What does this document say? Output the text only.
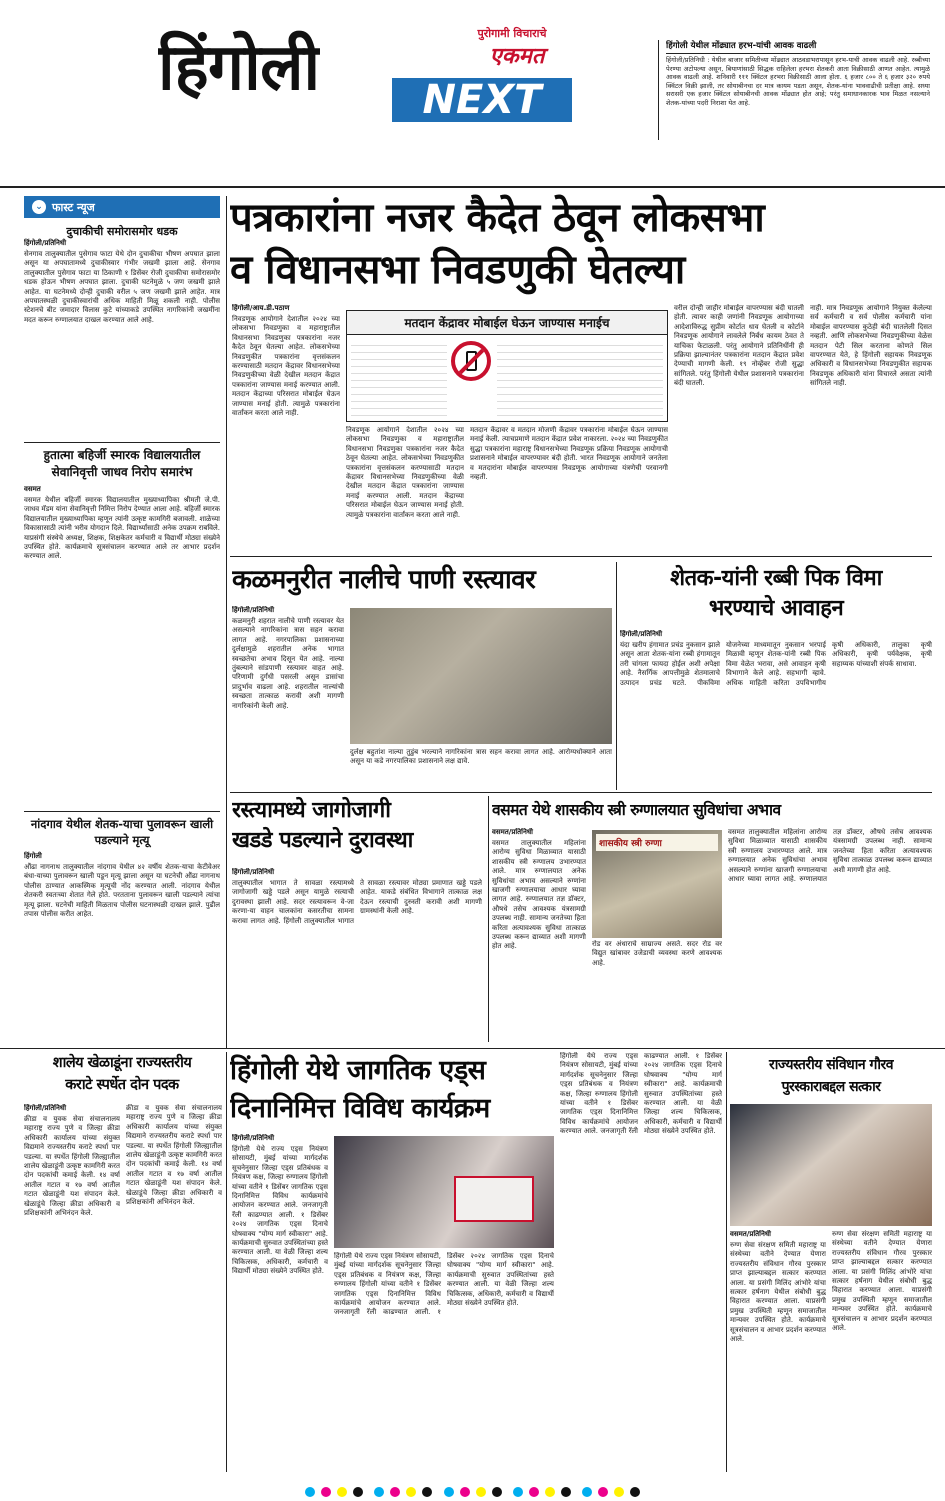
हिंगोली	पुरोगामी विचाराचे
एकमत
NEXT
हिंगोली येथील मोंढ्यात हरभ-यांची आवक वाढली
हिंगोली/प्रतिनिधी : येथील बाजार समितीच्या मोंढ्यात आठवडाभरापासून हरभ-याची आवक वाढली आहे. रब्बीच्या पेरण्या अटोपल्या असून, बियाणांसाठी सिद्धक राहिलेला हरभरा शेतकरी आता विक्रीसाठी आणत आहेत. त्यामुळे आवक वाढली आहे. शनिवारी १११ क्विंटल हरभरा विक्रीसाठी आला होता. ६ हजार ८०० ते ६ हजार ३२० रुपये क्विंटल विक्री झाली, तर सोयाबीनचा दर मात्र कायम पडता असून, शेतक-यांना भाववाढीची प्रतीक्षा आहे. सध्या सरासरी एक हजार क्विंटल सोयाबीनची आवक मोंढ्यात होत आहे; परंतु समाधानकारक भाव मिळत नसल्याने शेतक-यांच्या पदरी निराशा येत आहे.
⌄ फास्ट न्यूज
दुचाकीची समोरासमोर धडक
हिंगोली/प्रतिनिधी
सेनगाव तालुक्यातील पुसेगाव फाटा येथे दोन दुचाकीचा भीषण अपघात झाला असून या अपघातामध्ये दुचाकीस्वार गंभीर जखमी झाला आहे. सेनगाव तालुक्यातील पुसेगाव फाटा या ठिकाणी १ डिसेंबर रोजी दुचाकीचा समोरासमोर धडक होऊन भीषण अपघात झाला. दुचाकी घटनेमुळे ५ जण जखमी झाले आहेत. या घटनेमध्ये दोन्ही दुचाकी वरील ५ जण जखमी झाले आहेत. मात्र अपघातस्थळी दुचाकीस्वारांची अधिक माहिती मिळू शकली नाही. पोलीस स्टेशनचे बीट जमादार विलास कुटे यांच्याकडे उपस्थित नागरिकांनी जखमींना मदत करून रुग्णालयात दाखल करण्यात आले आहे.
हुतात्मा बहिर्जी स्मारक विद्यालयातील सेवानिवृत्ती जाधव निरोप समारंभ
वसमत
वसमत येथील बहिर्जी स्मारक विद्यालयातील मुख्याध्यापिका श्रीमती जे.पी. जाधव मॅडम यांना सेवानिवृत्ती निमित्त निरोप देण्यात आला आहे. बहिर्जी स्मारक विद्यालयातील मुख्याध्यापिका म्हणून त्यांनी उत्कृष्ट कामगिरी बजावली. शाळेच्या विकासासाठी त्यांनी भरीव योगदान दिले. विद्यार्थ्यांसाठी अनेक उपक्रम राबविले. याप्रसंगी संस्थेचे अध्यक्ष, शिक्षक, शिक्षकेतर कर्मचारी व विद्यार्थी मोठ्या संख्येने उपस्थित होते. कार्यक्रमाचे सूत्रसंचालन करण्यात आले तर आभार प्रदर्शन करण्यात आले.
नांदगाव येथील शेतक-याचा पुलावरून खाली पडल्याने मृत्यू
हिंगोली
औंढा नागनाथ तालुक्यातील नांदगाव येथील ४२ वर्षीय शेतक-याचा केटीवेअर बंधा-याच्या पुलावरून खाली पडून मृत्यू झाला असून या घटनेची औंढा नागनाथ पोलीस ठाण्यात आकस्मिक मृत्यूची नोंद करण्यात आली. नांदगाव येथील शेतकरी स्वतःच्या शेतात गेले होते. परतताना पुलावरून खाली पडल्याने त्यांचा मृत्यू झाला. घटनेची माहिती मिळताच पोलीस घटनास्थळी दाखल झाले. पुढील तपास पोलीस करीत आहेत.
पत्रकारांना नजर कैदेत ठेवून लोकसभा
व विधानसभा निवडणुकी घेतल्या
हिंगोली/आय.डी.पठाण
निवडणूक आयोगाने देशातील २०२४ च्या लोकसभा निवडणुका व महाराष्ट्रातील विधानसभा निवडणुका पत्रकारांना नजर कैदेत ठेवून घेतल्या आहेत. लोकसभेच्या निवडणुकीत पत्रकारांना वृत्तसंकलन करण्यासाठी मतदान केंद्रावर विधानसभेच्या निवडणुकीच्या वेळी देखील मतदान केंद्रात पत्रकारांना जाण्यास मनाई करण्यात आली. मतदान केंद्राच्या परिसरात मोबाईल घेऊन जाण्यास मनाई होती. त्यामुळे पत्रकारांना वार्तांकन करता आले नाही.
मतदान केंद्रावर मोबाईल घेऊन जाण्यास मनाईच
मतदान केंद्रावर व मतदान मोजणी केंद्रावर पत्रकारांना मोबाईल घेऊन जाण्यास मनाई केली. त्याचप्रमाणे मतदान केंद्रात प्रवेश नाकारला. २०२४ च्या निवडणुकीत सुद्धा पत्रकारांना महाराष्ट्र विधानसभेच्या निवडणूक प्रक्रिया निवडणूक आयोगाची प्रशासनाने मोबाईल वापरण्यावर बंदी होती. भारत निवडणूक आयोगाने जनतेला व मतदारांना मोबाईल वापरण्यास निवडणूक आयोगाच्या यंत्रणेची परवानगी नव्हती.
निवडणूक आयोगाने देशातील २०२४ च्या लोकसभा निवडणुका व महाराष्ट्रातील विधानसभा निवडणुका पत्रकारांना नजर कैदेत ठेवून घेतल्या आहेत. लोकसभेच्या निवडणुकीत पत्रकारांना वृत्तसंकलन करण्यासाठी मतदान केंद्रावर विधानसभेच्या निवडणुकीच्या वेळी देखील मतदान केंद्रात पत्रकारांना जाण्यास मनाई करण्यात आली. मतदान केंद्राच्या परिसरात मोबाईल घेऊन जाण्यास मनाई होती. त्यामुळे पत्रकारांना वार्तांकन करता आले नाही.
वरील दोन्ही जाहीर मोबाईल वापरण्यास बंदी घातली होती. त्यावर काही जणांनी निवडणूक आयोगाच्या आदेशाविरुद्ध सुप्रीम कोर्टात धाव घेतली व कोर्टाने निवडणूक आयोगाने लावलेले निर्बंध कायम ठेवत ते याचिका फेटाळली. परंतु आयोगाने प्रतिनिधींनी ही प्रक्रिया झाल्यानंतर पत्रकारांना मतदान केंद्रात प्रवेश देण्याची मागणी केली. १९ नोव्हेंबर रोजी सुद्धा सांगितले. परंतु हिंगोली येथील प्रशासनाने पत्रकारांना बंदी घातली.
नाही. मात्र निवडणूक आयोगाने नियुक्त केलेल्या सर्व कर्मचारी व सर्व पोलीस कर्मचारी यांना मोबाईल वापरण्यास कुठेही बंदी घातलेली दिसत नव्हती. आणि लोकसभेच्या निवडणुकीच्या वेळेस मतदान पेटी सिल करताना कोणते सिल वापरण्यात येते, हे हिंगोली सहायक निवडणूक अधिकारी व विधानसभेच्या निवडणुकीत सहायक निवडणूक अधिकारी यांना विचारले असता त्यांनी सांगितले नाही.
कळमनुरीत नालीचे पाणी रस्त्यावर
हिंगोली/प्रतिनिधी
कळमनुरी शहरात नालीचे पाणी रस्त्यावर येत असल्याने नागरिकांना त्रास सहन करावा लागत आहे. नगरपालिका प्रशासनाच्या दुर्लक्षामुळे शहरातील अनेक भागात स्वच्छतेचा अभाव दिसून येत आहे. नाल्या तुंबल्याने सांडपाणी रस्त्यावर वाहत आहे. परिणामी दुर्गंधी पसरली असून डासांचा प्रादुर्भाव वाढला आहे. शहरातील नाल्यांची स्वच्छता तात्काळ करावी अशी मागणी नागरिकांनी केली आहे.
दुर्लक्ष बहुतांश नाल्या तुडुंब भरल्याने नागरिकांना त्रास सहन करावा लागत आहे. आरोग्यधोक्याने आता असून या कडे नगरपालिका प्रशासनाने लक्ष द्यावे.
शेतक-यांनी रब्बी पिक विमा
भरण्याचे आवाहन
हिंगोली/प्रतिनिधी
यंदा खरीप हंगामात प्रचंड नुकसान झाले असून आता शेतक-यांना रब्बी हंगामातून तरी चांगला फायदा होईल अशी अपेक्षा आहे. नैसर्गिक आपत्तीमुळे शेतमालाचे उत्पादन प्रचंड घटते. पीकविमा योजनेच्या माध्यमातून नुकसान भरपाई मिळावी म्हणून शेतक-यांनी रब्बी पिक विमा वेळेत भरावा, असे आवाहन कृषी विभागाने केले आहे. सहभागी व्हावे. अधिक माहिती करिता उपविभागीय कृषी अधिकारी, तालुका कृषी अधिकारी, कृषी पर्यवेक्षक, कृषी सहाय्यक यांच्याशी संपर्क साधावा.
रस्त्यामध्ये जागोजागी
खडडे पडल्याने दुरावस्था
हिंगोली/प्रतिनिधी
तालुक्यातील भागात ते सावळा रस्त्यामध्ये जागोजागी खड्डे पडले असून यामुळे रस्त्याची दुरावस्था झाली आहे. सदर रस्त्यावरून वे-जा करणा-या वाहन चालकांना कसरतीचा सामना करावा लागत आहे. हिंगोली तालुक्यातील भागात ते सावळा रस्त्यावर मोठ्या प्रमाणात खड्डे पडले आहेत. याकडे संबंधित विभागाने तात्काळ लक्ष देऊन रस्त्याची दुरुस्ती करावी अशी मागणी ग्रामस्थांनी केली आहे.
वसमत येथे शासकीय स्त्री रुग्णालयात सुविधांचा अभाव
वसमत/प्रतिनिधी
वसमत तालुक्यातील महिलांना आरोग्य सुविधा मिळाव्यात यासाठी शासकीय स्त्री रुग्णालय उभारण्यात आले. मात्र रुग्णालयात अनेक सुविधांचा अभाव असल्याने रुग्णांना खाजगी रुग्णालयाचा आधार घ्यावा लागत आहे. रुग्णालयात तज्ञ डॉक्टर, औषधे तसेच आवश्यक यंत्रसामग्री उपलब्ध नाही. सामान्य जनतेच्या हिता करिता अत्यावश्यक सुविधा तात्काळ उपलब्ध करून द्याव्यात अशी मागणी होत आहे.
शासकीय स्त्री रुग्णा
रोड वर अंधाराचे साम्राज्य असते. सदर रोड वर विद्युत खांबावर उजेडाची व्यवस्था करणे आवश्यक आहे.
वसमत तालुक्यातील महिलांना आरोग्य सुविधा मिळाव्यात यासाठी शासकीय स्त्री रुग्णालय उभारण्यात आले. मात्र रुग्णालयात अनेक सुविधांचा अभाव असल्याने रुग्णांना खाजगी रुग्णालयाचा आधार घ्यावा लागत आहे. रुग्णालयात तज्ञ डॉक्टर, औषधे तसेच आवश्यक यंत्रसामग्री उपलब्ध नाही. सामान्य जनतेच्या हिता करिता अत्यावश्यक सुविधा तात्काळ उपलब्ध करून द्याव्यात अशी मागणी होत आहे.
शालेय खेळाडूंना राज्यस्तरीय
कराटे स्पर्धेत दोन पदक
हिंगोली/प्रतिनिधी
क्रीडा व युवक सेवा संचालनालय महाराष्ट्र राज्य पुणे व जिल्हा क्रीडा अधिकारी कार्यालय यांच्या संयुक्त विद्यमाने राज्यस्तरीय कराटे स्पर्धा पार पडल्या. या स्पर्धेत हिंगोली जिल्ह्यातील शालेय खेळाडूंनी उत्कृष्ट कामगिरी करत दोन पदकांची कमाई केली. १४ वर्षा आतील गटात व १७ वर्षा आतील गटात खेळाडूंनी यश संपादन केले. खेळाडूंचे जिल्हा क्रीडा अधिकारी व प्रशिक्षकांनी अभिनंदन केले.
क्रीडा व युवक सेवा संचालनालय महाराष्ट्र राज्य पुणे व जिल्हा क्रीडा अधिकारी कार्यालय यांच्या संयुक्त विद्यमाने राज्यस्तरीय कराटे स्पर्धा पार पडल्या. या स्पर्धेत हिंगोली जिल्ह्यातील शालेय खेळाडूंनी उत्कृष्ट कामगिरी करत दोन पदकांची कमाई केली. १४ वर्षा आतील गटात व १७ वर्षा आतील गटात खेळाडूंनी यश संपादन केले. खेळाडूंचे जिल्हा क्रीडा अधिकारी व प्रशिक्षकांनी अभिनंदन केले.
हिंगोली येथे जागतिक एड्स
दिनानिमित्त विविध कार्यक्रम
हिंगोली/प्रतिनिधी
हिंगोली येथे राज्य एड्स नियंत्रण सोसायटी, मुंबई यांच्या मार्गदर्शक सूचनेनुसार जिल्हा एड्स प्रतिबंधक व नियंत्रण कक्ष, जिल्हा रुग्णालय हिंगोली यांच्या वतीने १ डिसेंबर जागतिक एड्स दिनानिमित्त विविध कार्यक्रमांचे आयोजन करण्यात आले. जनजागृती रॅली काढण्यात आली. १ डिसेंबर २०२४ जागतिक एड्स दिनाचे घोषवाक्य "योग्य मार्ग स्वीकारा" आहे. कार्यक्रमाची सुरुवात उपस्थितांच्या हस्ते करण्यात आली. या वेळी जिल्हा शल्य चिकित्सक, अधिकारी, कर्मचारी व विद्यार्थी मोठ्या संख्येने उपस्थित होते.
हिंगोली येथे राज्य एड्स नियंत्रण सोसायटी, मुंबई यांच्या मार्गदर्शक सूचनेनुसार जिल्हा एड्स प्रतिबंधक व नियंत्रण कक्ष, जिल्हा रुग्णालय हिंगोली यांच्या वतीने १ डिसेंबर जागतिक एड्स दिनानिमित्त विविध कार्यक्रमांचे आयोजन करण्यात आले. जनजागृती रॅली काढण्यात आली. १ डिसेंबर २०२४ जागतिक एड्स दिनाचे घोषवाक्य "योग्य मार्ग स्वीकारा" आहे. कार्यक्रमाची सुरुवात उपस्थितांच्या हस्ते करण्यात आली. या वेळी जिल्हा शल्य चिकित्सक, अधिकारी, कर्मचारी व विद्यार्थी मोठ्या संख्येने उपस्थित होते.
हिंगोली येथे राज्य एड्स नियंत्रण सोसायटी, मुंबई यांच्या मार्गदर्शक सूचनेनुसार जिल्हा एड्स प्रतिबंधक व नियंत्रण कक्ष, जिल्हा रुग्णालय हिंगोली यांच्या वतीने १ डिसेंबर जागतिक एड्स दिनानिमित्त विविध कार्यक्रमांचे आयोजन करण्यात आले. जनजागृती रॅली काढण्यात आली. १ डिसेंबर २०२४ जागतिक एड्स दिनाचे घोषवाक्य "योग्य मार्ग स्वीकारा" आहे. कार्यक्रमाची सुरुवात उपस्थितांच्या हस्ते करण्यात आली. या वेळी जिल्हा शल्य चिकित्सक, अधिकारी, कर्मचारी व विद्यार्थी मोठ्या संख्येने उपस्थित होते.
राज्यस्तरीय संविधान गौरव
पुरस्काराबद्दल सत्कार
वसमत/प्रतिनिधी
रुग्ण सेवा संरक्षण समिती महाराष्ट्र या संस्थेच्या वतीने देण्यात येणारा राज्यस्तरीय संविधान गौरव पुरस्कार प्राप्त झाल्याबद्दल सत्कार करण्यात आला. या प्रसंगी मिलिंद आंभोरे यांचा सत्कार हर्षनाग येथील संबोधी बुद्ध विहारात करण्यात आला. याप्रसंगी प्रमुख उपस्थिती म्हणून समाजातील मान्यवर उपस्थित होते. कार्यक्रमाचे सूत्रसंचालन व आभार प्रदर्शन करण्यात आले.
रुग्ण सेवा संरक्षण समिती महाराष्ट्र या संस्थेच्या वतीने देण्यात येणारा राज्यस्तरीय संविधान गौरव पुरस्कार प्राप्त झाल्याबद्दल सत्कार करण्यात आला. या प्रसंगी मिलिंद आंभोरे यांचा सत्कार हर्षनाग येथील संबोधी बुद्ध विहारात करण्यात आला. याप्रसंगी प्रमुख उपस्थिती म्हणून समाजातील मान्यवर उपस्थित होते. कार्यक्रमाचे सूत्रसंचालन व आभार प्रदर्शन करण्यात आले.
